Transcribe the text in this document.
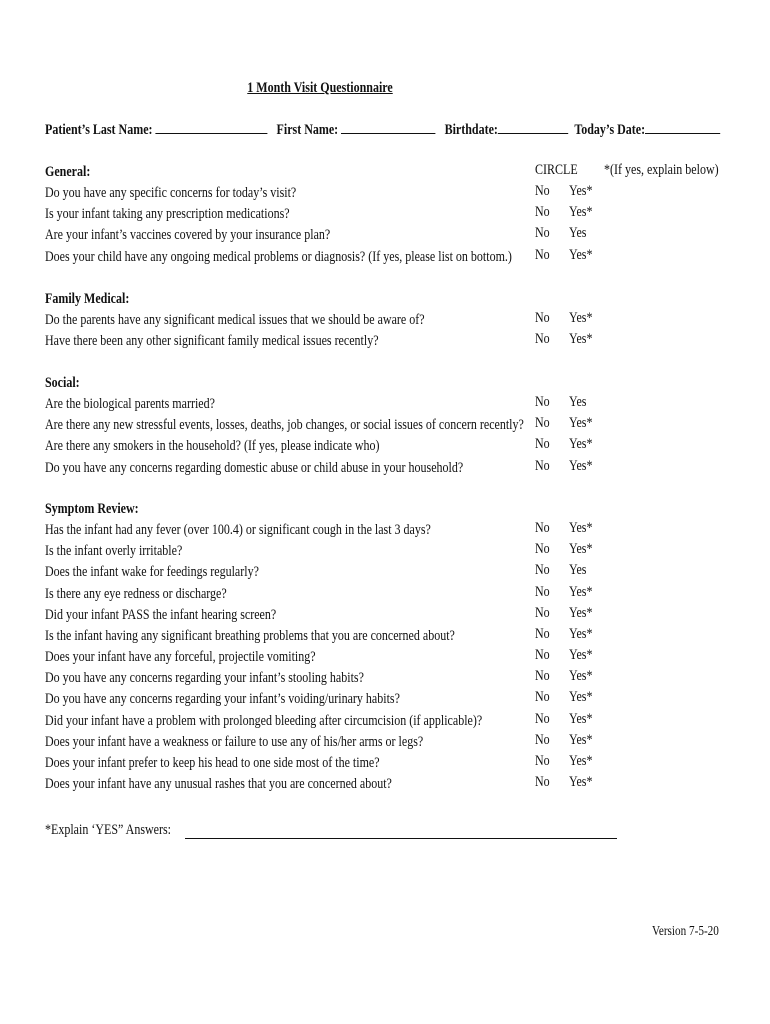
1 Month Visit Questionnaire
Patient’s Last Name:	First Name:	Birthdate:	Today’s Date:
CIRCLE *(If yes, explain below)
General:
Do you have any specific concerns for today’s visit?	No Yes*
Is your infant taking any prescription medications?	No Yes*
Are your infant’s vaccines covered by your insurance plan?	No Yes
Does your child have any ongoing medical problems or diagnosis? (If yes, please list on bottom.) No Yes*
Family Medical:
Do the parents have any significant medical issues that we should be aware of?	No Yes*
Have there been any other significant family medical issues recently?	No Yes*
Social:
Are the biological parents married?	No Yes
Are there any new stressful events, losses, deaths, job changes, or social issues of concern recently? No Yes*
Are there any smokers in the household? (If yes, please indicate who)	No Yes*
Do you have any concerns regarding domestic abuse or child abuse in your household?	No Yes*
Symptom Review:
Has the infant had any fever (over 100.4) or significant cough in the last 3 days?	No Yes*
Is the infant overly irritable?	No Yes*
Does the infant wake for feedings regularly?	No Yes
Is there any eye redness or discharge?	No Yes*
Did your infant PASS the infant hearing screen?	No Yes*
Is the infant having any significant breathing problems that you are concerned about?	No Yes*
Does your infant have any forceful, projectile vomiting?	No Yes*
Do you have any concerns regarding your infant’s stooling habits?	No Yes*
Do you have any concerns regarding your infant’s voiding/urinary habits?	No Yes*
Did your infant have a problem with prolonged bleeding after circumcision (if applicable)?	No Yes*
Does your infant have a weakness or failure to use any of his/her arms or legs?	No Yes*
Does your infant prefer to keep his head to one side most of the time?	No Yes*
Does your infant have any unusual rashes that you are concerned about?	No Yes*
*Explain ‘YES” Answers:
Version 7-5-20
